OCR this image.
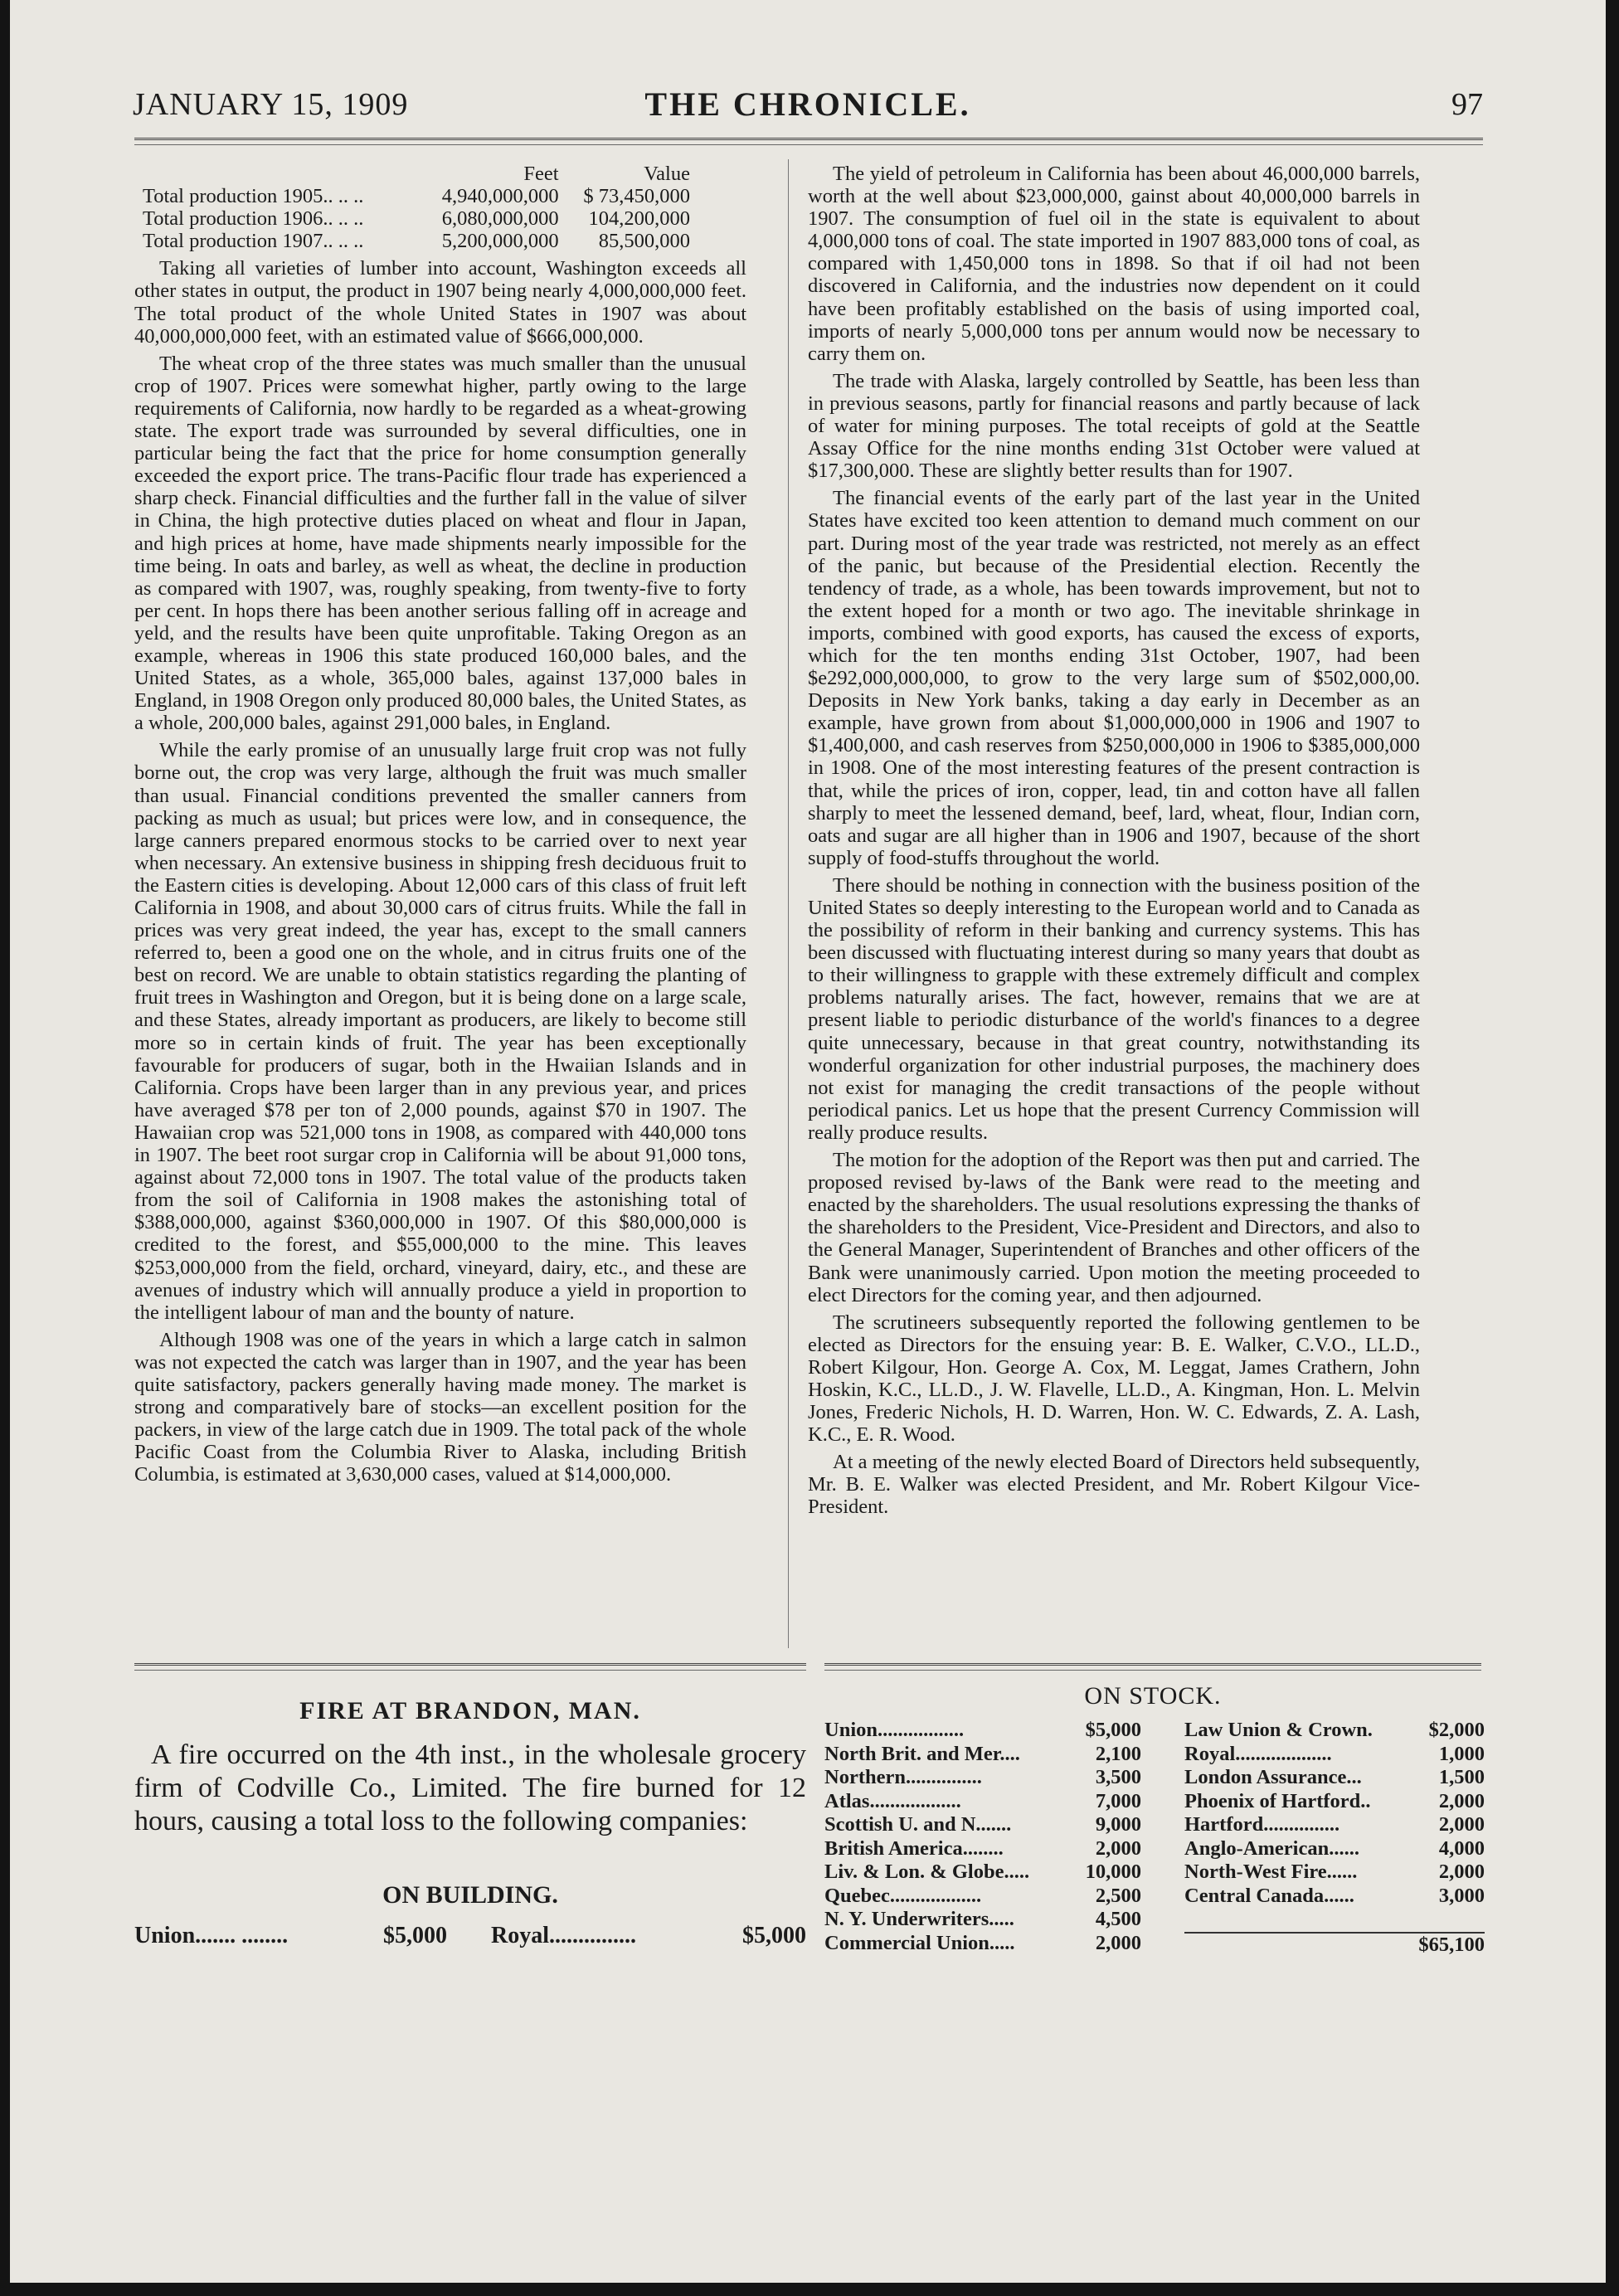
JANUARY 15, 1909	THE CHRONICLE.	97
	Feet	Value
Total production 1905.. .. ..	4,940,000,000	$ 73,450,000
Total production 1906.. .. ..	6,080,000,000	104,200,000
Total production 1907.. .. ..	5,200,000,000	85,500,000

Taking all varieties of lumber into account, Washington exceeds all other states in output, the product in 1907 being nearly 4,000,000,000 feet. The total product of the whole United States in 1907 was about 40,000,000,000 feet, with an estimated value of $666,000,000.

The wheat crop of the three states was much smaller than the unusual crop of 1907. Prices were somewhat higher, partly owing to the large requirements of California, now hardly to be regarded as a wheat-growing state. The export trade was surrounded by several difficulties, one in particular being the fact that the price for home consumption generally exceeded the export price. The trans-Pacific flour trade has experienced a sharp check. Financial difficulties and the further fall in the value of silver in China, the high protective duties placed on wheat and flour in Japan, and high prices at home, have made shipments nearly impossible for the time being. In oats and barley, as well as wheat, the decline in production as compared with 1907, was, roughly speaking, from twenty-five to forty per cent. In hops there has been another serious falling off in acreage and yeld, and the results have been quite unprofitable. Taking Oregon as an example, whereas in 1906 this state produced 160,000 bales, and the United States, as a whole, 365,000 bales, against 137,000 bales in England, in 1908 Oregon only produced 80,000 bales, the United States, as a whole, 200,000 bales, against 291,000 bales, in England.

While the early promise of an unusually large fruit crop was not fully borne out, the crop was very large, although the fruit was much smaller than usual. Financial conditions prevented the smaller canners from packing as much as usual; but prices were low, and in consequence, the large canners prepared enormous stocks to be carried over to next year when necessary. An extensive business in shipping fresh deciduous fruit to the Eastern cities is developing. About 12,000 cars of this class of fruit left California in 1908, and about 30,000 cars of citrus fruits. While the fall in prices was very great indeed, the year has, except to the small canners referred to, been a good one on the whole, and in citrus fruits one of the best on record. We are unable to obtain statistics regarding the planting of fruit trees in Washington and Oregon, but it is being done on a large scale, and these States, already important as producers, are likely to become still more so in certain kinds of fruit. The year has been exceptionally favourable for producers of sugar, both in the Hwaiian Islands and in California. Crops have been larger than in any previous year, and prices have averaged $78 per ton of 2,000 pounds, against $70 in 1907. The Hawaiian crop was 521,000 tons in 1908, as compared with 440,000 tons in 1907. The beet root surgar crop in California will be about 91,000 tons, against about 72,000 tons in 1907. The total value of the products taken from the soil of California in 1908 makes the astonishing total of $388,000,000, against $360,000,000 in 1907. Of this $80,000,000 is credited to the forest, and $55,000,000 to the mine. This leaves $253,000,000 from the field, orchard, vineyard, dairy, etc., and these are avenues of industry which will annually produce a yield in proportion to the intelligent labour of man and the bounty of nature.

Although 1908 was one of the years in which a large catch in salmon was not expected the catch was larger than in 1907, and the year has been quite satisfactory, packers generally having made money. The market is strong and comparatively bare of stocks—an excellent position for the packers, in view of the large catch due in 1909. The total pack of the whole Pacific Coast from the Columbia River to Alaska, including British Columbia, is estimated at 3,630,000 cases, valued at $14,000,000.

The yield of petroleum in California has been about 46,000,000 barrels, worth at the well about $23,000,000, gainst about 40,000,000 barrels in 1907. The consumption of fuel oil in the state is equivalent to about 4,000,000 tons of coal. The state imported in 1907 883,000 tons of coal, as compared with 1,450,000 tons in 1898. So that if oil had not been discovered in California, and the industries now dependent on it could have been profitably established on the basis of using imported coal, imports of nearly 5,000,000 tons per annum would now be necessary to carry them on.

The trade with Alaska, largely controlled by Seattle, has been less than in previous seasons, partly for financial reasons and partly because of lack of water for mining purposes. The total receipts of gold at the Seattle Assay Office for the nine months ending 31st October were valued at $17,300,000. These are slightly better results than for 1907.

The financial events of the early part of the last year in the United States have excited too keen attention to demand much comment on our part. During most of the year trade was restricted, not merely as an effect of the panic, but because of the Presidential election. Recently the tendency of trade, as a whole, has been towards improvement, but not to the extent hoped for a month or two ago. The inevitable shrinkage in imports, combined with good exports, has caused the excess of exports, which for the ten months ending 31st October, 1907, had been $e292,000,000,000, to grow to the very large sum of $502,000,00. Deposits in New York banks, taking a day early in December as an example, have grown from about $1,000,000,000 in 1906 and 1907 to $1,400,000, and cash reserves from $250,000,000 in 1906 to $385,000,000 in 1908. One of the most interesting features of the present contraction is that, while the prices of iron, copper, lead, tin and cotton have all fallen sharply to meet the lessened demand, beef, lard, wheat, flour, Indian corn, oats and sugar are all higher than in 1906 and 1907, because of the short supply of food-stuffs throughout the world.

There should be nothing in connection with the business position of the United States so deeply interesting to the European world and to Canada as the possibility of reform in their banking and currency systems. This has been discussed with fluctuating interest during so many years that doubt as to their willingness to grapple with these extremely difficult and complex problems naturally arises. The fact, however, remains that we are at present liable to periodic disturbance of the world's finances to a degree quite unnecessary, because in that great country, notwithstanding its wonderful organization for other industrial purposes, the machinery does not exist for managing the credit transactions of the people without periodical panics. Let us hope that the present Currency Commission will really produce results.

The motion for the adoption of the Report was then put and carried. The proposed revised by-laws of the Bank were read to the meeting and enacted by the shareholders. The usual resolutions expressing the thanks of the shareholders to the President, Vice-President and Directors, and also to the General Manager, Superintendent of Branches and other officers of the Bank were unanimously carried. Upon motion the meeting proceeded to elect Directors for the coming year, and then adjourned.

The scrutineers subsequently reported the following gentlemen to be elected as Directors for the ensuing year: B. E. Walker, C.V.O., LL.D., Robert Kilgour, Hon. George A. Cox, M. Leggat, James Crathern, John Hoskin, K.C., LL.D., J. W. Flavelle, LL.D., A. Kingman, Hon. L. Melvin Jones, Frederic Nichols, H. D. Warren, Hon. W. C. Edwards, Z. A. Lash, K.C., E. R. Wood.

At a meeting of the newly elected Board of Directors held subsequently, Mr. B. E. Walker was elected President, and Mr. Robert Kilgour Vice-President.

FIRE AT BRANDON, MAN.

A fire occurred on the 4th inst., in the wholesale grocery firm of Codville Co., Limited. The fire burned for 12 hours, causing a total loss to the following companies:

ON BUILDING.
Union....... ........	$5,000 Royal...............	$5,000
ON STOCK.
Union.................	$5,000
North Brit. and Mer....	2,100
Northern...............	3,500
Atlas..................	7,000
Scottish U. and N.......	9,000
British America........	2,000
Liv. & Lon. & Globe.....	10,000
Quebec..................	2,500
N. Y. Underwriters.....	4,500
Commercial Union.....	2,000
Law Union & Crown.	$2,000
Royal...................	1,000
London Assurance...	1,500
Phoenix of Hartford..	2,000
Hartford...............	2,000
Anglo-American......	4,000
North-West Fire......	2,000
Central Canada......	3,000

	$65,100
